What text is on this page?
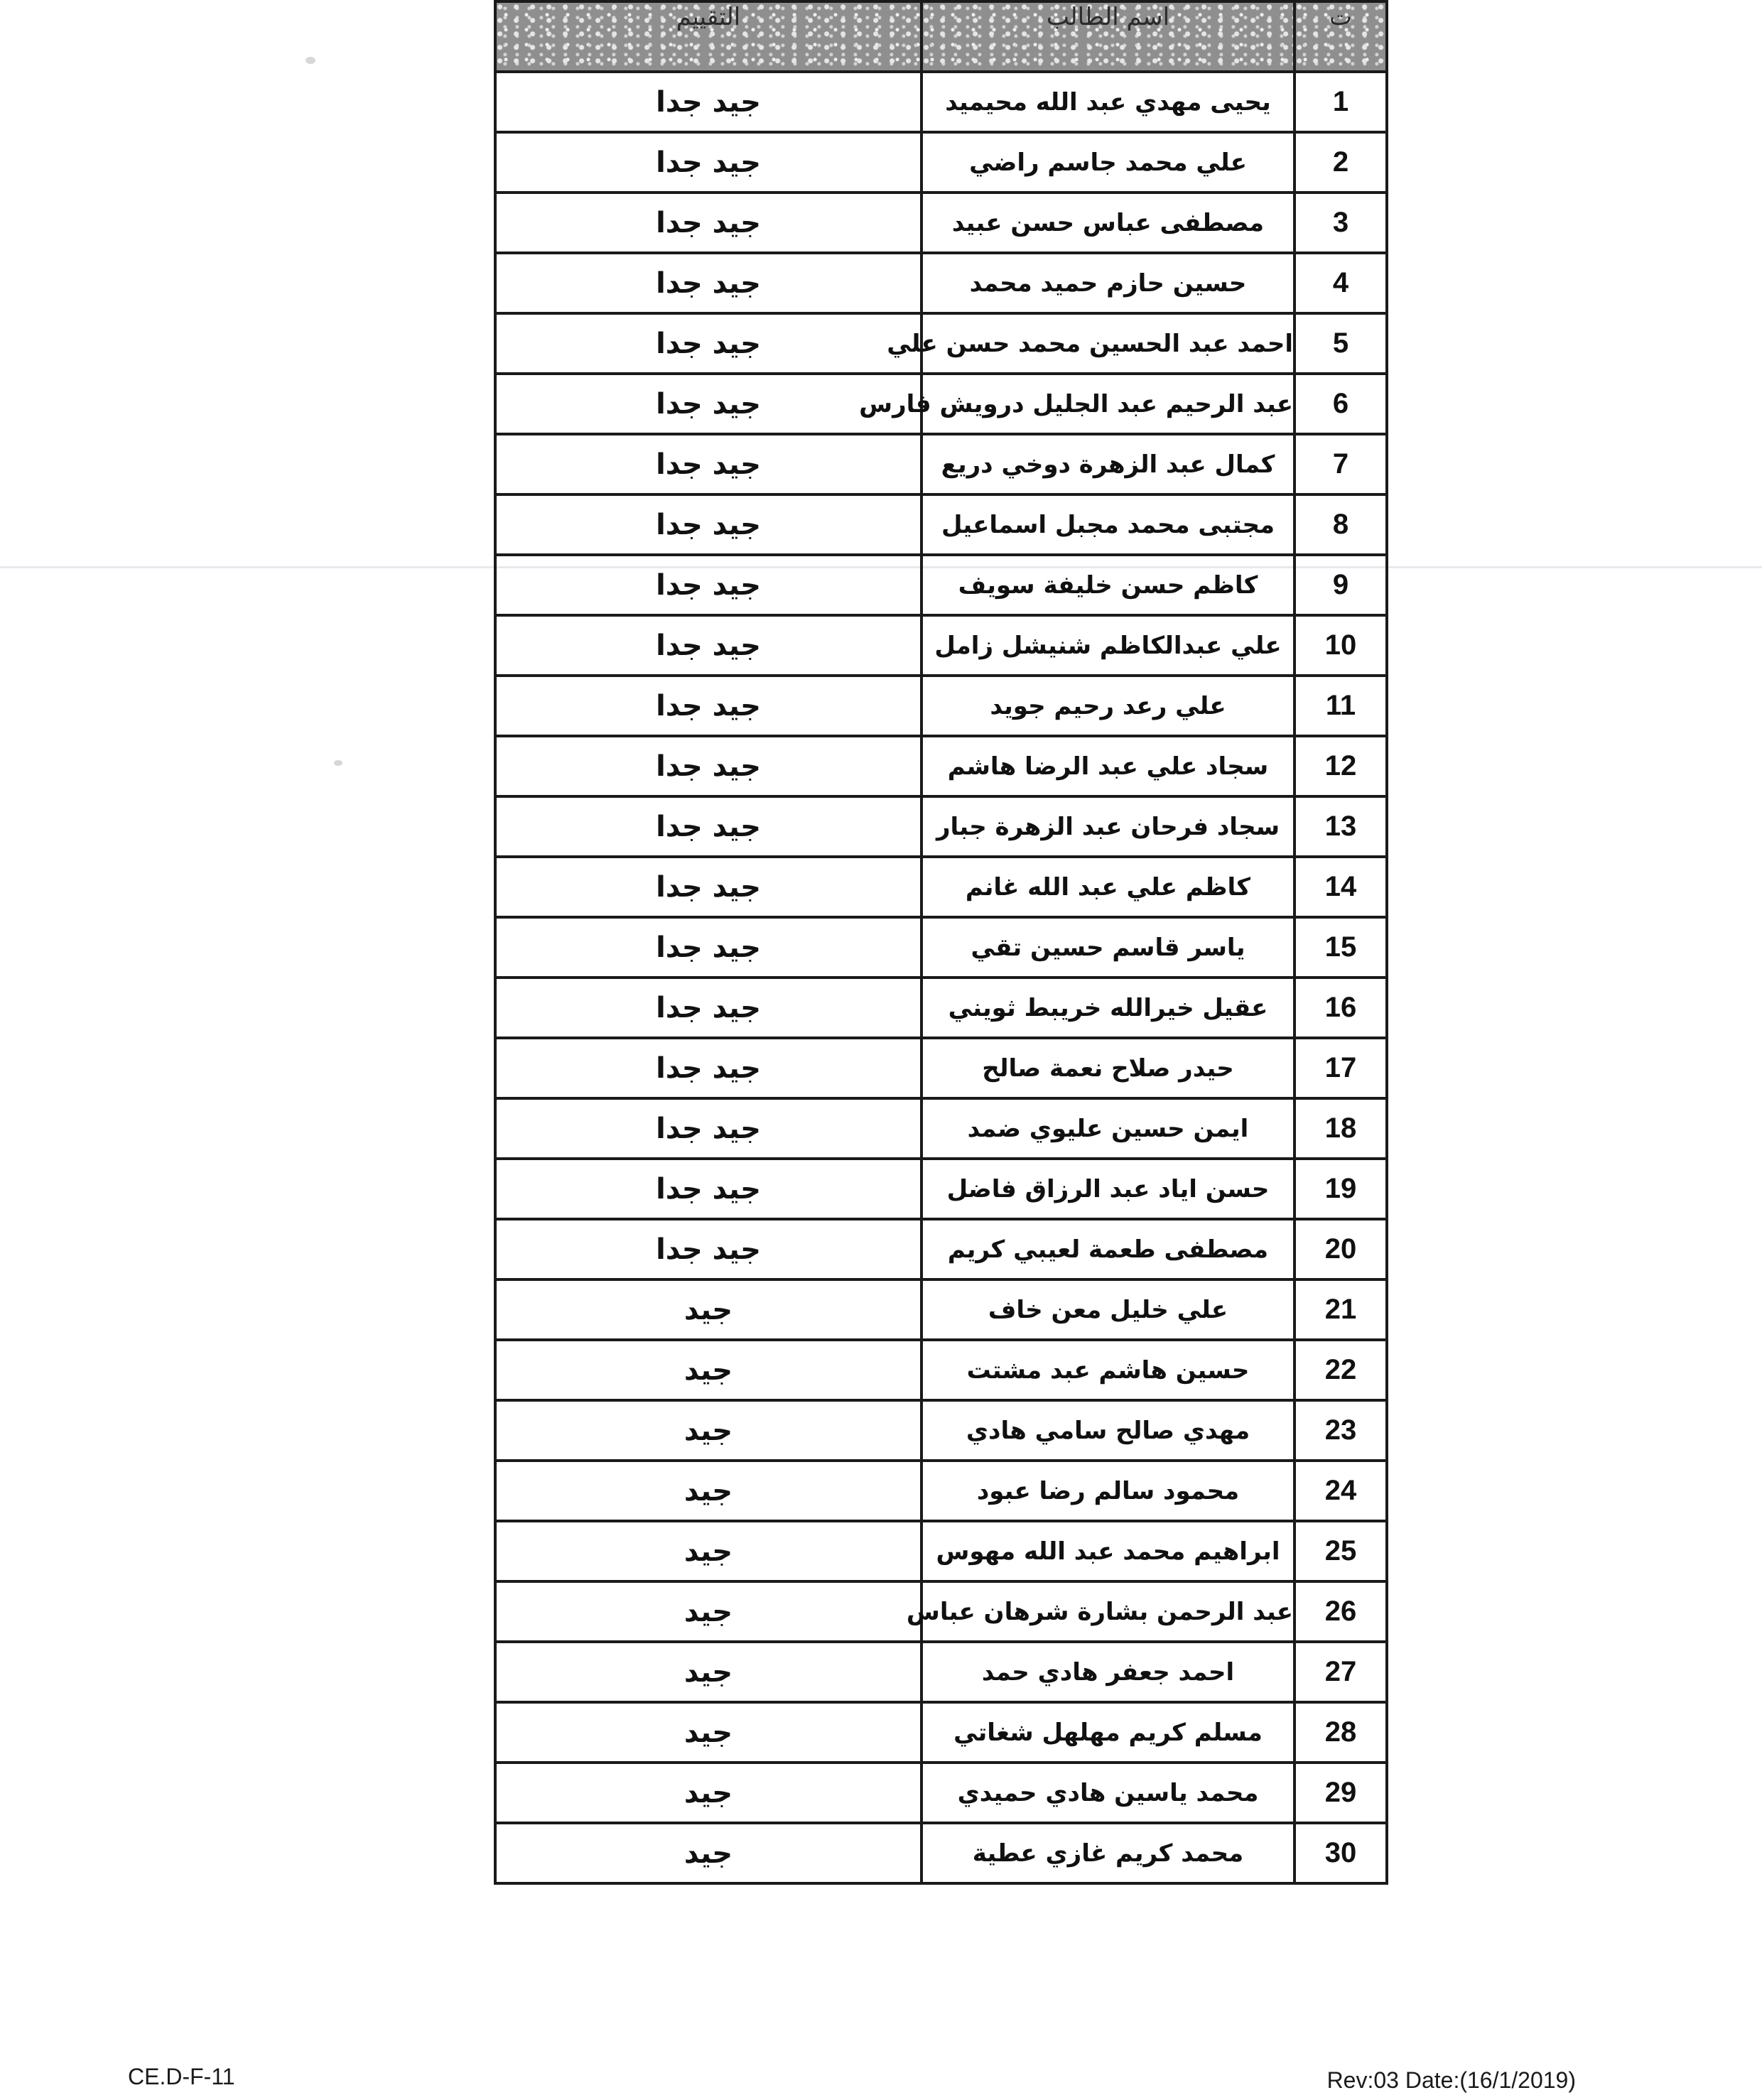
ت	اسم الطالب	التقييم
1	يحيى مهدي عبد الله محيميد	جيد جدا
2	علي محمد جاسم راضي	جيد جدا
3	مصطفى عباس حسن عبيد	جيد جدا
4	حسين حازم حميد محمد	جيد جدا
5	احمد عبد الحسين محمد حسن علي	جيد جدا
6	عبد الرحيم عبد الجليل درويش فارس	جيد جدا
7	كمال عبد الزهرة دوخي دريع	جيد جدا
8	مجتبى محمد مجبل اسماعيل	جيد جدا
9	كاظم حسن خليفة سويف	جيد جدا
10	علي عبدالكاظم شنيشل زامل	جيد جدا
11	علي رعد رحيم جويد	جيد جدا
12	سجاد علي عبد الرضا هاشم	جيد جدا
13	سجاد فرحان عبد الزهرة جبار	جيد جدا
14	كاظم علي عبد الله غانم	جيد جدا
15	ياسر قاسم حسين تقي	جيد جدا
16	عقيل خيرالله خريبط ثويني	جيد جدا
17	حيدر صلاح نعمة صالح	جيد جدا
18	ايمن حسين عليوي ضمد	جيد جدا
19	حسن اياد عبد الرزاق فاضل	جيد جدا
20	مصطفى طعمة لعيبي كريم	جيد جدا
21	علي خليل معن خاف	جيد
22	حسين هاشم عبد مشتت	جيد
23	مهدي صالح سامي هادي	جيد
24	محمود سالم رضا عبود	جيد
25	ابراهيم محمد عبد الله مهوس	جيد
26	عبد الرحمن بشارة شرهان عباس	جيد
27	احمد جعفر هادي حمد	جيد
28	مسلم كريم مهلهل شغاتي	جيد
29	محمد ياسين هادي حميدي	جيد
30	محمد كريم غازي عطية	جيد
CE.D-F-11	Rev:03 Date:(16/1/2019)
